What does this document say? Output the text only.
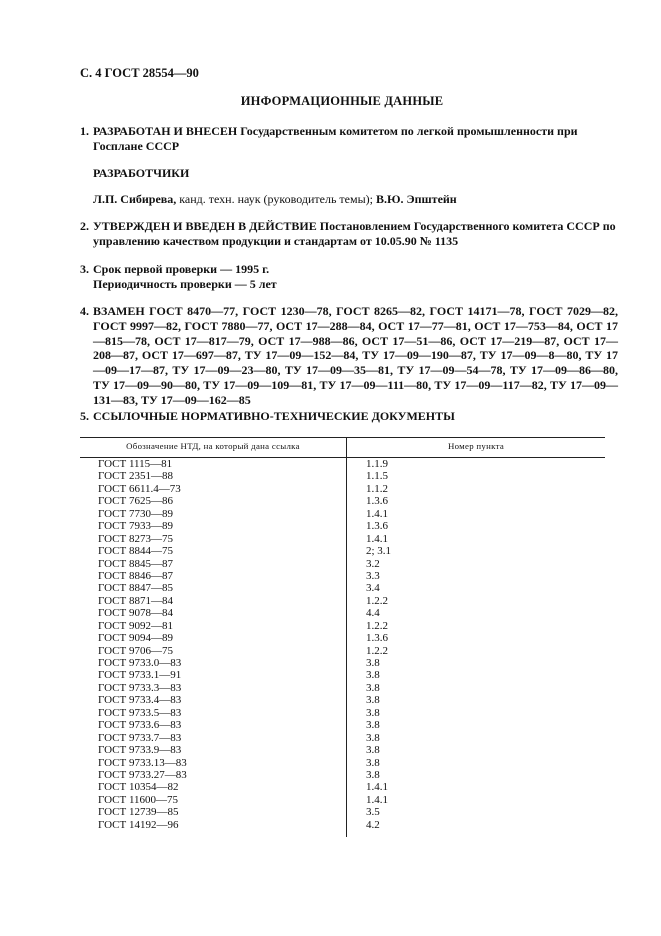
С. 4 ГОСТ 28554—90
ИНФОРМАЦИОННЫЕ ДАННЫЕ
1. РАЗРАБОТАН И ВНЕСЕН Государственным комитетом по легкой промышленности при Госплане СССР
РАЗРАБОТЧИКИ
Л.П. Сибирева, канд. техн. наук (руководитель темы); В.Ю. Эпштейн
2. УТВЕРЖДЕН И ВВЕДЕН В ДЕЙСТВИЕ Постановлением Государственного комитета СССР по управлению качеством продукции и стандартам от 10.05.90 № 1135
3. Срок первой проверки — 1995 г.
Периодичность проверки — 5 лет
4. ВЗАМЕН ГОСТ 8470—77, ГОСТ 1230—78, ГОСТ 8265—82, ГОСТ 14171—78, ГОСТ 7029—82, ГОСТ 9997—82, ГОСТ 7880—77, ОСТ 17—288—84, ОСТ 17—77—81, ОСТ 17—753—84, ОСТ 17—815—78, ОСТ 17—817—79, ОСТ 17—988—86, ОСТ 17—51—86, ОСТ 17—219—87, ОСТ 17—208—87, ОСТ 17—697—87, ТУ 17—09—152—84, ТУ 17—09—190—87, ТУ 17—09—8—80, ТУ 17—09—17—87, ТУ 17—09—23—80, ТУ 17—09—35—81, ТУ 17—09—54—78, ТУ 17—09—86—80, ТУ 17—09—90—80, ТУ 17—09—109—81, ТУ 17—09—111—80, ТУ 17—09—117—82, ТУ 17—09—131—83, ТУ 17—09—162—85
5. ССЫЛОЧНЫЕ НОРМАТИВНО-ТЕХНИЧЕСКИЕ ДОКУМЕНТЫ
Обозначение НТД, на который дана ссылка	Номер пункта
ГОСТ 1115—81	1.1.9
ГОСТ 2351—88	1.1.5
ГОСТ 6611.4—73	1.1.2
ГОСТ 7625—86	1.3.6
ГОСТ 7730—89	1.4.1
ГОСТ 7933—89	1.3.6
ГОСТ 8273—75	1.4.1
ГОСТ 8844—75	2; 3.1
ГОСТ 8845—87	3.2
ГОСТ 8846—87	3.3
ГОСТ 8847—85	3.4
ГОСТ 8871—84	1.2.2
ГОСТ 9078—84	4.4
ГОСТ 9092—81	1.2.2
ГОСТ 9094—89	1.3.6
ГОСТ 9706—75	1.2.2
ГОСТ 9733.0—83	3.8
ГОСТ 9733.1—91	3.8
ГОСТ 9733.3—83	3.8
ГОСТ 9733.4—83	3.8
ГОСТ 9733.5—83	3.8
ГОСТ 9733.6—83	3.8
ГОСТ 9733.7—83	3.8
ГОСТ 9733.9—83	3.8
ГОСТ 9733.13—83	3.8
ГОСТ 9733.27—83	3.8
ГОСТ 10354—82	1.4.1
ГОСТ 11600—75	1.4.1
ГОСТ 12739—85	3.5
ГОСТ 14192—96	4.2
